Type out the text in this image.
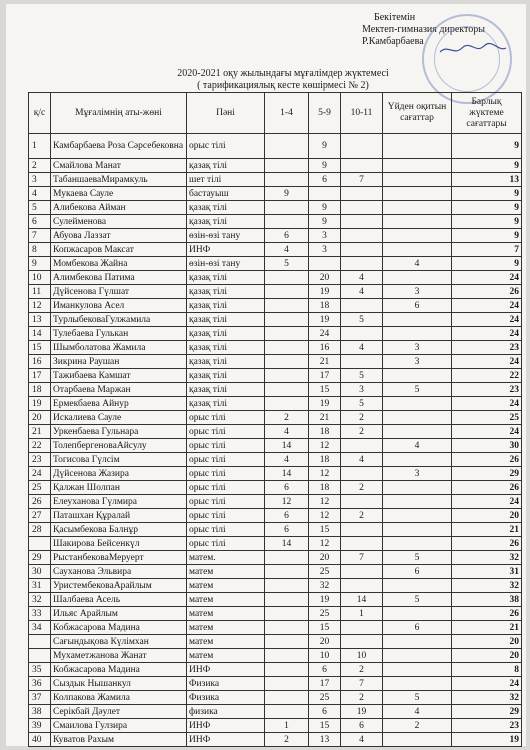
Бекітемін
Мектеп-гимназия директоры
Р.Камбарбаева
2020-2021 оқу жылындағы мұғалімдер жүктемесі
( тарификациялық кесте көшірмесі № 2)
қ/с	Мұғалімнің аты-жөні	Пәні	1-4	5-9	10-11	Үйден оқитын сағаттар	Барлық жүктеме сағаттары
1	Камбарбаева Роза Сәрсебековна	орыс тілі		9			9
2	Смайлова Манат	қазақ тілі		9			9
3	ТабаншаеваМирамкуль	шет тілі		6	7		13
4	Мукаева Сауле	бастауыш	9				9
5	Алибекова Айман	қазақ тілі		9			9
6	Сулейменова	қазақ тілі		9			9
7	Абуова Лаззат	өзін-өзі тану	6	3			9
8	Копжасаров Максат	ИНФ	4	3			7
9	Момбекова Жайна	өзін-өзі тану	5			4	9
10	Алимбекова Патима	қазақ тілі		20	4		24
11	Дүйсенова Гүлшат	қазақ тілі		19	4	3	26
12	Иманкулова Асел	қазақ тілі		18		6	24
13	ТурлыбековаГулжамила	қазақ тілі		19	5		24
14	Тулебаева Гулькан	қазақ тілі		24			24
15	Шымболатова Жамила	қазақ тілі		16	4	3	23
16	Зикрина Раушан	қазақ тілі		21		3	24
17	Тажибаева Камшат	қазақ тілі		17	5		22
18	Отарбаева Маржан	қазақ тілі		15	3	5	23
19	Ермекбаева Айнур	қазақ тілі		19	5		24
20	Искалиева Сауле	орыс тілі	2	21	2		25
21	Уркенбаева Гульнара	орыс тілі	4	18	2		24
22	ТолепбергеноваАйсулу	орыс тілі	14	12		4	30
23	Тогисова Гүлсім	орыс тілі	4	18	4		26
24	Дүйсенова Жазира	орыс тілі	14	12		3	29
25	Қалжан Шолпан	орыс тілі	6	18	2		26
26	Елеуханова Гүлмира	орыс тілі	12	12			24
27	Паташхан Құралай	орыс тілі	6	12	2		20
28	Қасымбекова Балнұр	орыс тілі	6	15			21
	Шакирова Бейсенкүл	орыс тілі	14	12			26
29	РыстанбековаМеруерт	матем.		20	7	5	32
30	Сауханова Эльвира	матем		25		6	31
31	УристембековаАрайлым	матем		32			32
32	Шалбаева Асель	матем		19	14	5	38
33	Ильяс Арайлым	матем		25	1		26
34	Кобжасарова Мадина	матем		15		6	21
	Сағындықова Күлімхан	матем		20			20
	Мухаметжанова Жанат	матем		10	10		20
35	Кобжасарова Мадина	ИНФ		6	2		8
36	Сыздык Нышанкул	Физика		17	7		24
37	Колпакова Жамила	Физика		25	2	5	32
38	Серікбай Дәулет	физика		6	19	4	29
39	Смаилова Гулзира	ИНФ	1	15	6	2	23
40	Куватов Рахым	ИНФ	2	13	4		19
